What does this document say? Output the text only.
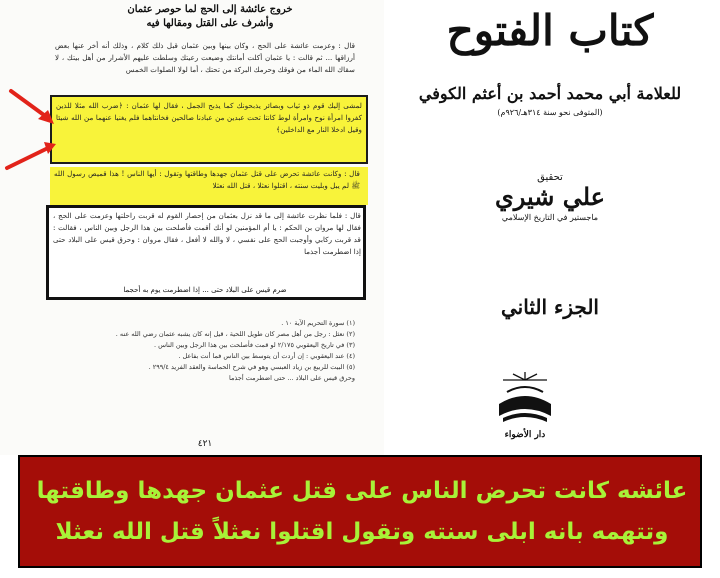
خروج عائشة إلى الحج لما حوصر عثمان
وأشرف على القتل ومقالها فيه
قال : وعزمت عائشة على الحج ، وكان بينها وبين عثمان قبل ذلك كلام ، وذلك أنه أخر عنها بعض أرزاقها ... ثم قالت : يا عثمان أكلت أمانتك وضيعت رعيتك وسلطت عليهم الأشرار من أهل بيتك ، لا سقاك الله الماء من فوقك وحرمك البركة من تحتك ، أما لولا الصلوات الخمس
لمشى إليك قوم ذو ثياب وبصائر يذبحونك كما يذبح الجمل ، فقال لها عثمان : ﴿ضرب الله مثلا للذين كفروا امرأة نوح وامرأة لوط كانتا تحت عبدين من عبادنا صالحين فخانتاهما فلم يغنيا عنهما من الله شيئا وقيل ادخلا النار مع الداخلين﴾
قال : وكانت عائشة تحرض على قتل عثمان جهدها وطاقتها وتقول : أيها الناس ! هذا قميص رسول الله ﷺ لم يبل وبليت سنته ، اقتلوا نعثلا ، قتل الله نعثلا
قال : فلما نظرت عائشة إلى ما قد نزل بعثمان من إحصار القوم له قربت راحلتها وعزمت على الحج ، فقال لها مروان بن الحكم : يا أم المؤمنين لو أنك أقمت فأصلحت بين هذا الرجل وبين الناس ، فقالت : قد قربت ركابي وأوجبت الحج على نفسي ، لا والله لا أفعل ، فقال مروان : وحرق قيس على البلاد حتى إذا اضطرمت أجذما
ضرم قيس على البلاد حتى ... إذا اضطرمت يوم به أحجما
(١) سورة التحريم الآية ١٠ .
(٢) نعثل : رجل من أهل مصر كان طويل اللحية ، قيل إنه كان يشبه عثمان رضي الله عنه .
(٣) في تاريخ اليعقوبي ٢/١٧٥ لو قمت فأصلحت بين هذا الرجل وبين الناس .
(٤) عند اليعقوبي : إن أردت أن يتوسط بين الناس فما أنت بفاعل .
(٥) البيت للربيع بن زياد العبسي وهو في شرح الحماسة والعقد الفريد ٢٩٩/٤ .
وحرق قيس على البلاد ... حتى اضطرمت أجذما
٤٢١
كتاب الفتوح
للعلامة أبي محمد أحمد بن أعثم الكوفي
(المتوفى نحو سنة ٣١٤هـ/٩٢٦م)
تحقيق
علي شيري
ماجستير في التاريخ الإسلامي
الجزء الثاني
دار الأضواء
عائشه كانت تحرض الناس على قتل عثمان جهدها وطاقتها
وتتهمه بانه ابلى سنته وتقول اقتلوا نعثلاً قتل الله نعثلا
